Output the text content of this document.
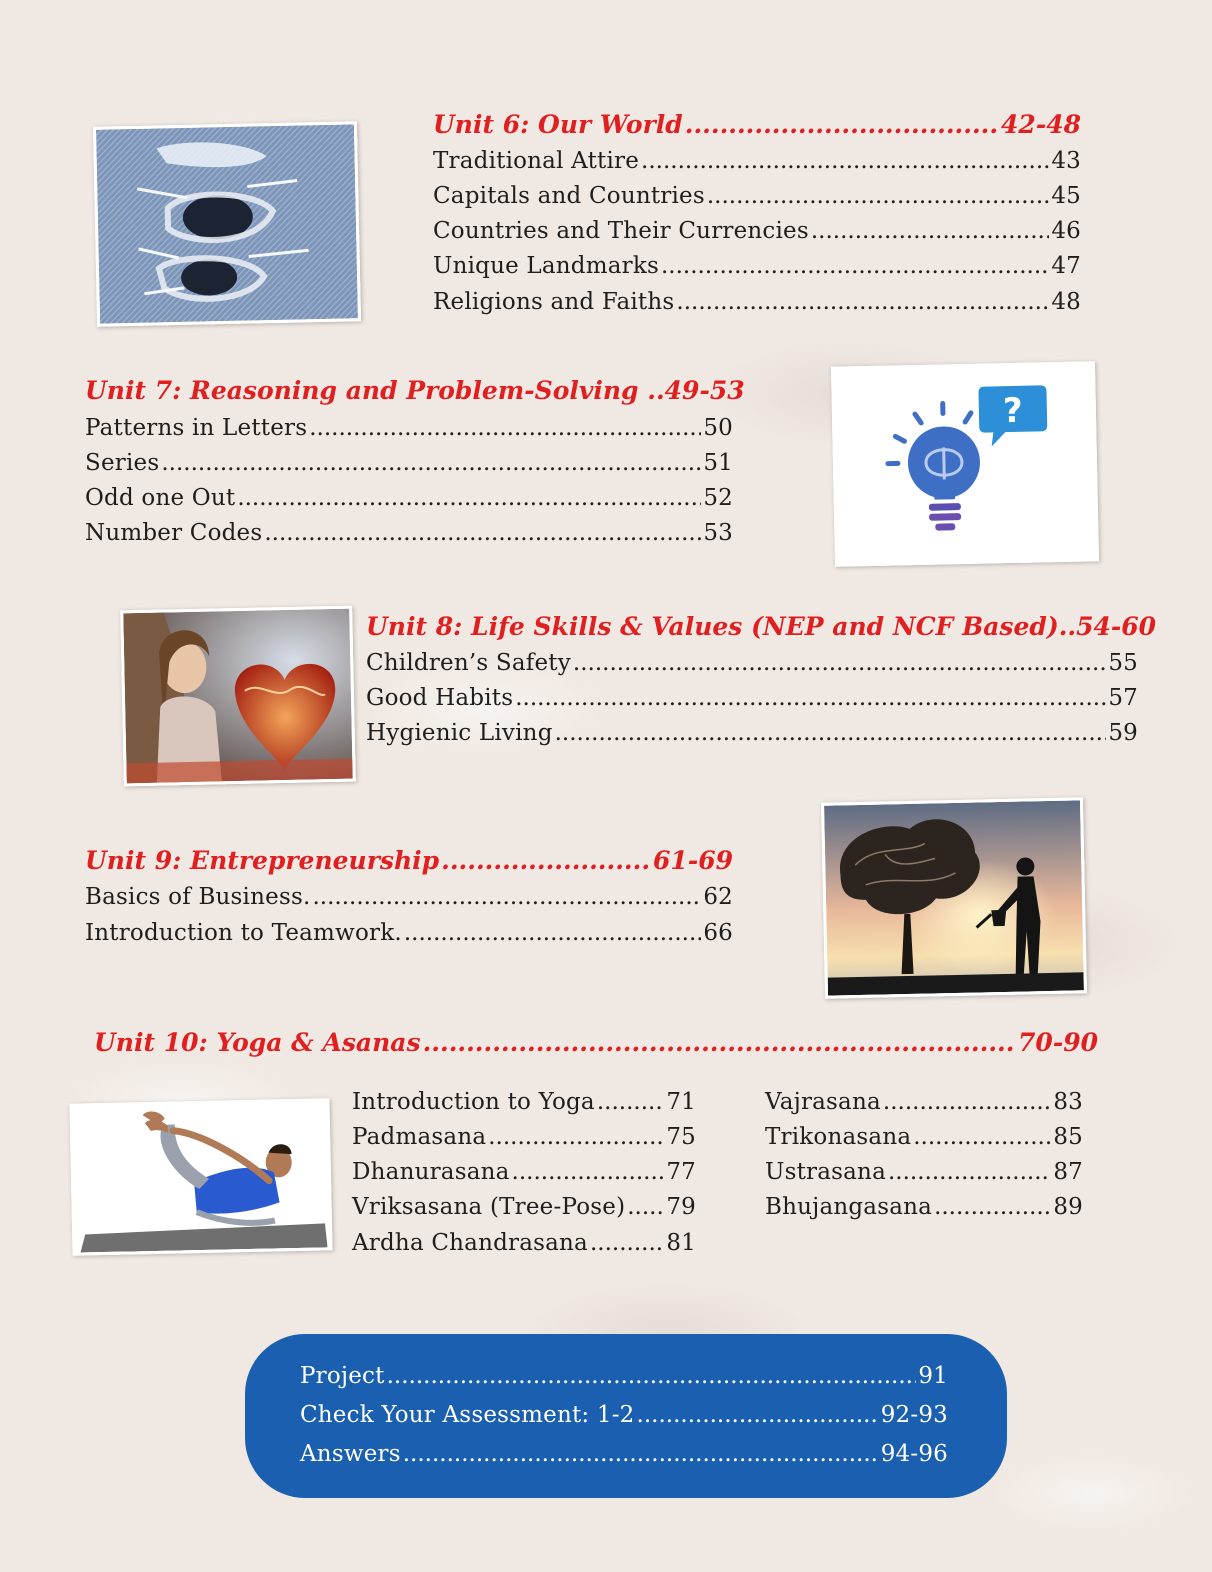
Unit 6: Our World .....	42-48
Traditional Attire .....	43
Capitals and Countries .....	45
Countries and Their Currencies .....	46
Unique Landmarks .....	47
Religions and Faiths .....	48
Unit 7: Reasoning and Problem-Solving .. 49-53
Patterns in Letters .....	50
Series .....	51
Odd one Out .....	52
Number Codes .....	53
?
Unit 8: Life Skills & Values (NEP and NCF Based).. 54-60
Children’s Safety .....	55
Good Habits .....	57
Hygienic Living .....	59
Unit 9: Entrepreneurship .....	61-69
Basics of Business. .....	62
Introduction to Teamwork. .....	66
Unit 10: Yoga & Asanas .....	70-90
Introduction to Yoga .....	71
Padmasana .....	75
Dhanurasana .....	77
Vriksasana (Tree-Pose) ..... 79
Ardha Chandrasana .....	81
Vajrasana .....	83
Trikonasana .....	85
Ustrasana .....	87
Bhujangasana .....	89
Project .....	91
Check Your Assessment: 1-2 .....	92-93
Answers .....	94-96
